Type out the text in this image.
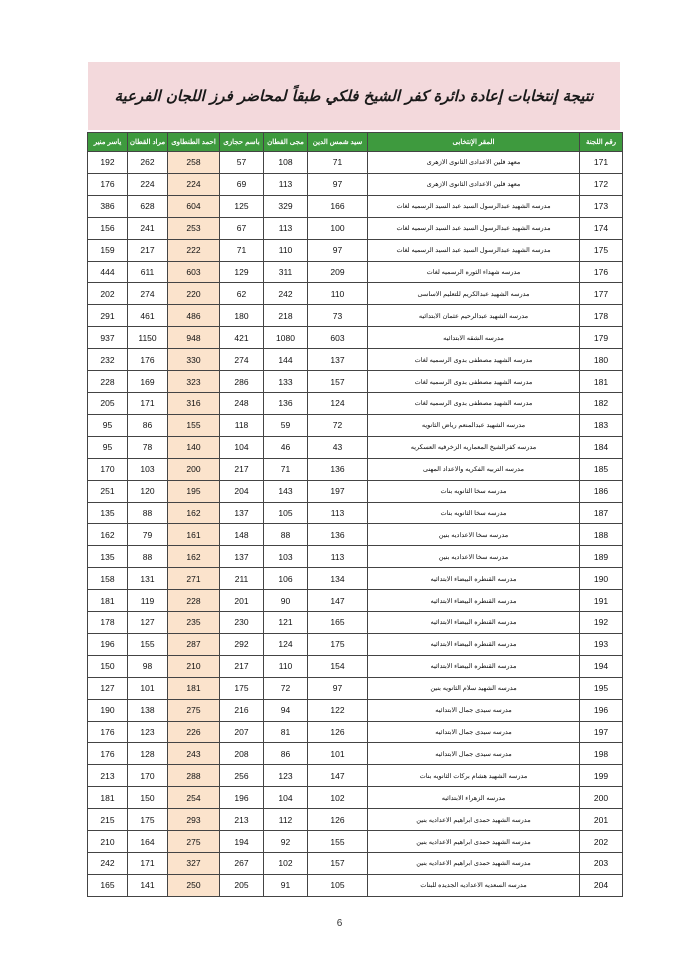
نتيجة إنتخابات إعادة دائرة كفر الشيخ فلكي طبقاً لمحاضر فرز اللجان الفرعية
ياسر منير	مراد القطان	احمد الطنطاوى	باسم حجازى	مجى القطان	سيد شمس الدين	المقر الإنتخابى	رقم اللجنة
192	262	258	57	108	71	معهد فلين الاعدادى الثانوى الازهرى	171
176	224	224	69	113	97	معهد فلين الاعدادى الثانوى الازهرى	172
386	628	604	125	329	166	مدرسه الشهيد عبدالرسول السيد عبد السيد الرسميه لغات	173
156	241	253	67	113	100	مدرسه الشهيد عبدالرسول السيد عبد السيد الرسميه لغات	174
159	217	222	71	110	97	مدرسه الشهيد عبدالرسول السيد عبد السيد الرسميه لغات	175
444	611	603	129	311	209	مدرسه شهداء الثوره الرسميه لغات	176
202	274	220	62	242	110	مدرسه الشهيد عبدالكريم للتعليم الاساسى	177
291	461	486	180	218	73	مدرسه الشهيد عبدالرحيم عثمان الابتدائيه	178
937	1150	948	421	1080	603	مدرسه الشقه الابتدائيه	179
232	176	330	274	144	137	مدرسه الشهيد مصطفى بدوى الرسميه لغات	180
228	169	323	286	133	157	مدرسه الشهيد مصطفى بدوى الرسميه لغات	181
205	171	316	248	136	124	مدرسه الشهيد مصطفى بدوى الرسميه لغات	182
95	86	155	118	59	72	مدرسه الشهيد عبدالمنعم رياض الثانويه	183
95	78	140	104	46	43	مدرسه كفرالشيخ المعماريه الزخرفيه العسكريه	184
170	103	200	217	71	136	مدرسه التربيه الفكريه والاعداد المهنى	185
251	120	195	204	143	197	مدرسه سخا الثانويه بنات	186
135	88	162	137	105	113	مدرسه سخا الثانويه بنات	187
162	79	161	148	88	136	مدرسه سخا الاعداديه بنين	188
135	88	162	137	103	113	مدرسه سخا الاعداديه بنين	189
158	131	271	211	106	134	مدرسه القنطره البيضاء الابتدائيه	190
181	119	228	201	90	147	مدرسه القنطره البيضاء الابتدائيه	191
178	127	235	230	121	165	مدرسه القنطره البيضاء الابتدائيه	192
196	155	287	292	124	175	مدرسه القنطره البيضاء الابتدائيه	193
150	98	210	217	110	154	مدرسه القنطره البيضاء الابتدائيه	194
127	101	181	175	72	97	مدرسه الشهيد سلام الثانويه بنين	195
190	138	275	216	94	122	مدرسه سيدى جمال الابتدائيه	196
176	123	226	207	81	126	مدرسه سيدى جمال الابتدائيه	197
176	128	243	208	86	101	مدرسه سيدى جمال الابتدائيه	198
213	170	288	256	123	147	مدرسه الشهيد هشام بركات الثانويه بنات	199
181	150	254	196	104	102	مدرسه الزهراء الابتدائيه	200
215	175	293	213	112	126	مدرسه الشهيد حمدى ابراهيم الاعداديه بنين	201
210	164	275	194	92	155	مدرسه الشهيد حمدى ابراهيم الاعداديه بنين	202
242	171	327	267	102	157	مدرسه الشهيد حمدى ابراهيم الاعداديه بنين	203
165	141	250	205	91	105	مدرسه السعديه الاعداديه الجديده للبنات	204
6
